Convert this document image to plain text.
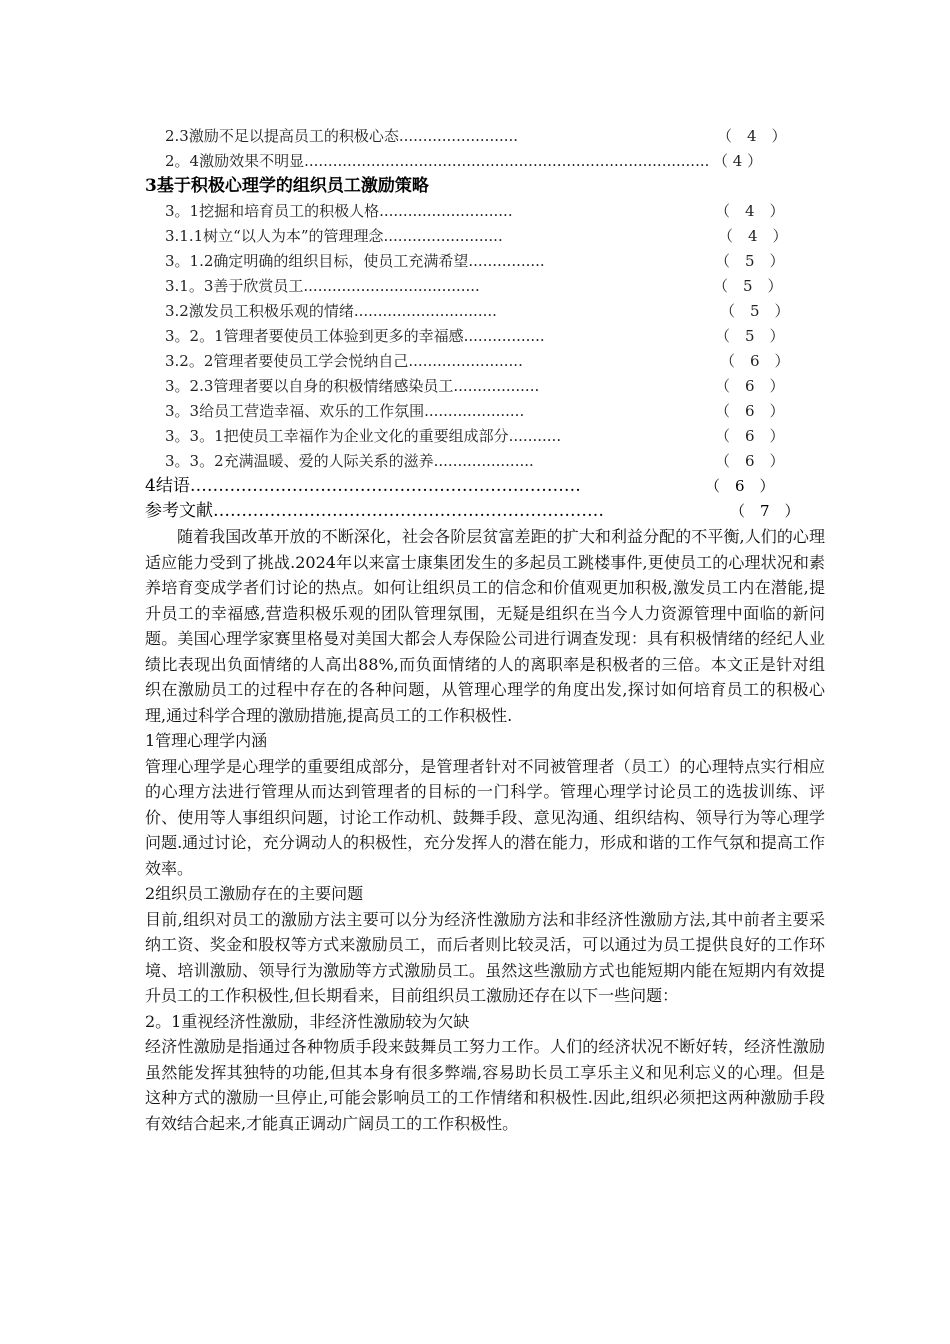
2.3激励不足以提高员工的积极心态.........................	（　4　）
2。4激励效果不明显..................................................................................... （ 4 ）
3基于积极心理学的组织员工激励策略
3。1挖掘和培育员工的积极人格............................	（　4　）
3.1.1树立“以人为本”的管理理念.........................	（　4　）
3。1.2确定明确的组织目标，使员工充满希望................	（　5　）
3.1。3善于欣赏员工.....................................	（　5　）
3.2激发员工积极乐观的情绪..............................	（　5　）
3。2。1管理者要使员工体验到更多的幸福感.................	（　5　）
3.2。2管理者要使员工学会悦纳自己........................	（　6　）
3。2.3管理者要以自身的积极情绪感染员工..................	（　6　）
3。3给员工营造幸福、欢乐的工作氛围.....................	（　6　）
3。3。1把使员工幸福作为企业文化的重要组成部分...........	（　6　）
3。3。2充满温暖、爱的人际关系的滋养.....................	（　6　）
4结语……………………………………………………………	（　6　）
参考文献……………………………………………………………	（　7　）

随着我国改革开放的不断深化，社会各阶层贫富差距的扩大和利益分配的不平衡,人们的心理适应能力受到了挑战.2024年以来富士康集团发生的多起员工跳楼事件,更使员工的心理状况和素养培育变成学者们讨论的热点。如何让组织员工的信念和价值观更加积极,激发员工内在潜能,提升员工的幸福感,营造积极乐观的团队管理氛围，无疑是组织在当今人力资源管理中面临的新问题。美国心理学家赛里格曼对美国大都会人寿保险公司进行调查发现：具有积极情绪的经纪人业绩比表现出负面情绪的人高出88%,而负面情绪的人的离职率是积极者的三倍。本文正是针对组织在激励员工的过程中存在的各种问题，从管理心理学的角度出发,探讨如何培育员工的积极心理,通过科学合理的激励措施,提高员工的工作积极性.

1管理心理学内涵

管理心理学是心理学的重要组成部分，是管理者针对不同被管理者（员工）的心理特点实行相应的心理方法进行管理从而达到管理者的目标的一门科学。管理心理学讨论员工的选拔训练、评价、使用等人事组织问题，讨论工作动机、鼓舞手段、意见沟通、组织结构、领导行为等心理学问题.通过讨论，充分调动人的积极性，充分发挥人的潜在能力，形成和谐的工作气氛和提高工作效率。

2组织员工激励存在的主要问题

目前,组织对员工的激励方法主要可以分为经济性激励方法和非经济性激励方法,其中前者主要采纳工资、奖金和股权等方式来激励员工，而后者则比较灵活，可以通过为员工提供良好的工作环境、培训激励、领导行为激励等方式激励员工。虽然这些激励方式也能短期内能在短期内有效提升员工的工作积极性,但长期看来，目前组织员工激励还存在以下一些问题：

2。1重视经济性激励，非经济性激励较为欠缺

经济性激励是指通过各种物质手段来鼓舞员工努力工作。人们的经济状况不断好转，经济性激励虽然能发挥其独特的功能,但其本身有很多弊端,容易助长员工享乐主义和见利忘义的心理。但是这种方式的激励一旦停止,可能会影响员工的工作情绪和积极性.因此,组织必须把这两种激励手段有效结合起来,才能真正调动广阔员工的工作积极性。
